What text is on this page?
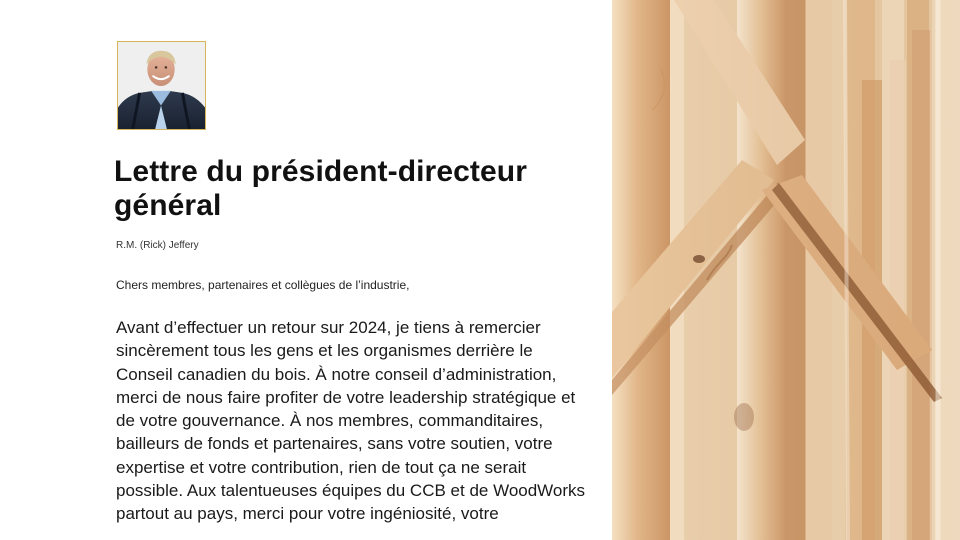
Lettre du président-directeur général

R.M. (Rick) Jeffery

Chers membres, partenaires et collègues de l’industrie,

Avant d’effectuer un retour sur 2024, je tiens à remercier sincèrement tous les gens et les organismes derrière le Conseil canadien du bois. À notre conseil d’administration, merci de nous faire profiter de votre leadership stratégique et de votre gouvernance. À nos membres, commanditaires, bailleurs de fonds et partenaires, sans votre soutien, votre expertise et votre contribution, rien de tout ça ne serait possible. Aux talentueuses équipes du CCB et de WoodWorks partout au pays, merci pour votre ingéniosité, votre
